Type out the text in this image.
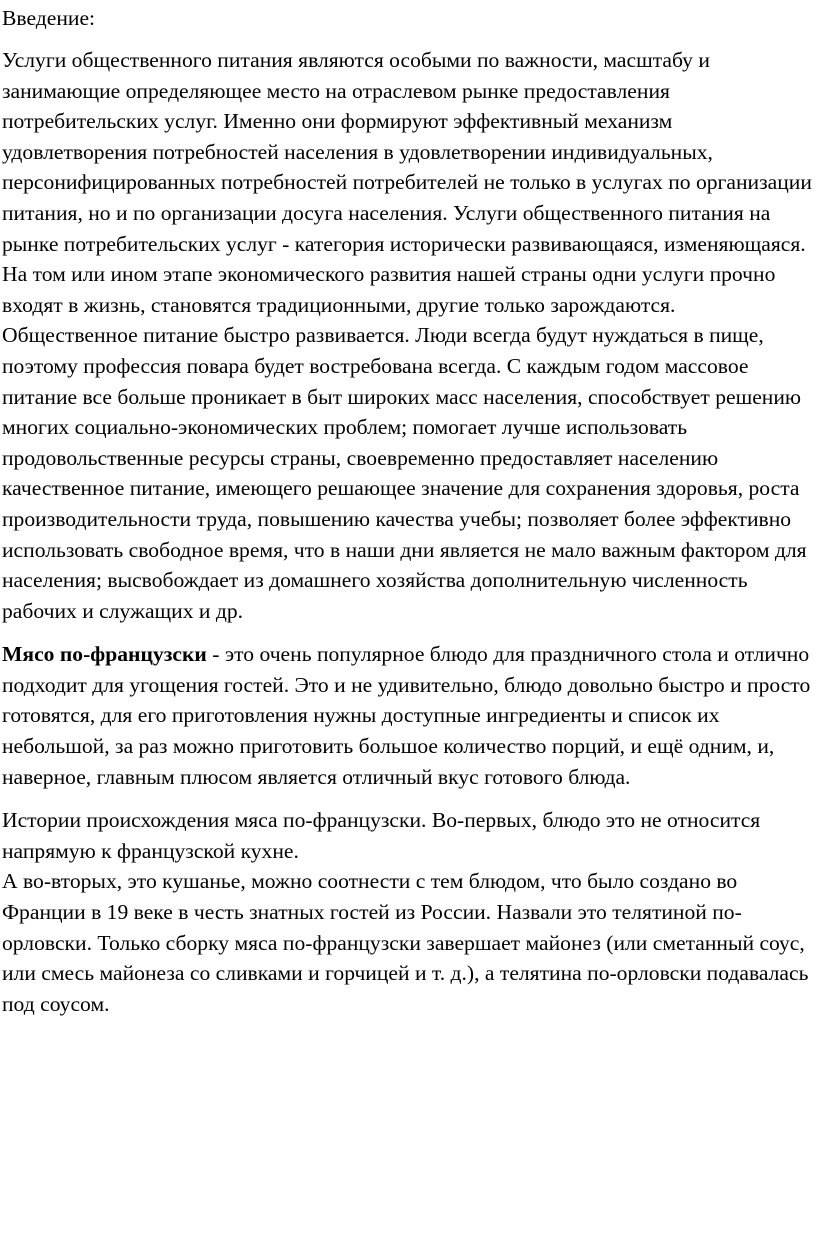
Введение:

Услуги общественного питания являются особыми по важности, масштабу и занимающие определяющее место на отраслевом рынке предоставления потребительских услуг. Именно они формируют эффективный механизм удовлетворения потребностей населения в удовлетворении индивидуальных, персонифицированных потребностей потребителей не только в услугах по организации питания, но и по организации досуга населения. Услуги общественного питания на рынке потребительских услуг - категория исторически развивающаяся, изменяющаяся. На том или ином этапе экономического развития нашей страны одни услуги прочно входят в жизнь, становятся традиционными, другие только зарождаются. Общественное питание быстро развивается. Люди всегда будут нуждаться в пище, поэтому профессия повара будет востребована всегда. С каждым годом массовое питание все больше проникает в быт широких масс населения, способствует решению многих социально-экономических проблем; помогает лучше использовать продовольственные ресурсы страны, своевременно предоставляет населению качественное питание, имеющего решающее значение для сохранения здоровья, роста производительности труда, повышению качества учебы; позволяет более эффективно использовать свободное время, что в наши дни является не мало важным фактором для населения; высвобождает из домашнего хозяйства дополнительную численность рабочих и служащих и др.

Мясо по-французски - это очень популярное блюдо для праздничного стола и отлично подходит для угощения гостей. Это и не удивительно, блюдо довольно быстро и просто готовятся, для его приготовления нужны доступные ингредиенты и список их небольшой, за раз можно приготовить большое количество порций, и ещё одним, и, наверное, главным плюсом является отличный вкус готового блюда.

Истории происхождения мяса по-французски. Во-первых, блюдо это не относится напрямую к французской кухне.

А во-вторых, это кушанье, можно соотнести с тем блюдом, что было создано во Франции в 19 веке в честь знатных гостей из России. Назвали это телятиной по-орловски. Только сборку мяса по-французски завершает майонез (или сметанный соус, или смесь майонеза со сливками и горчицей и т. д.), а телятина по-орловски подавалась под соусом.
